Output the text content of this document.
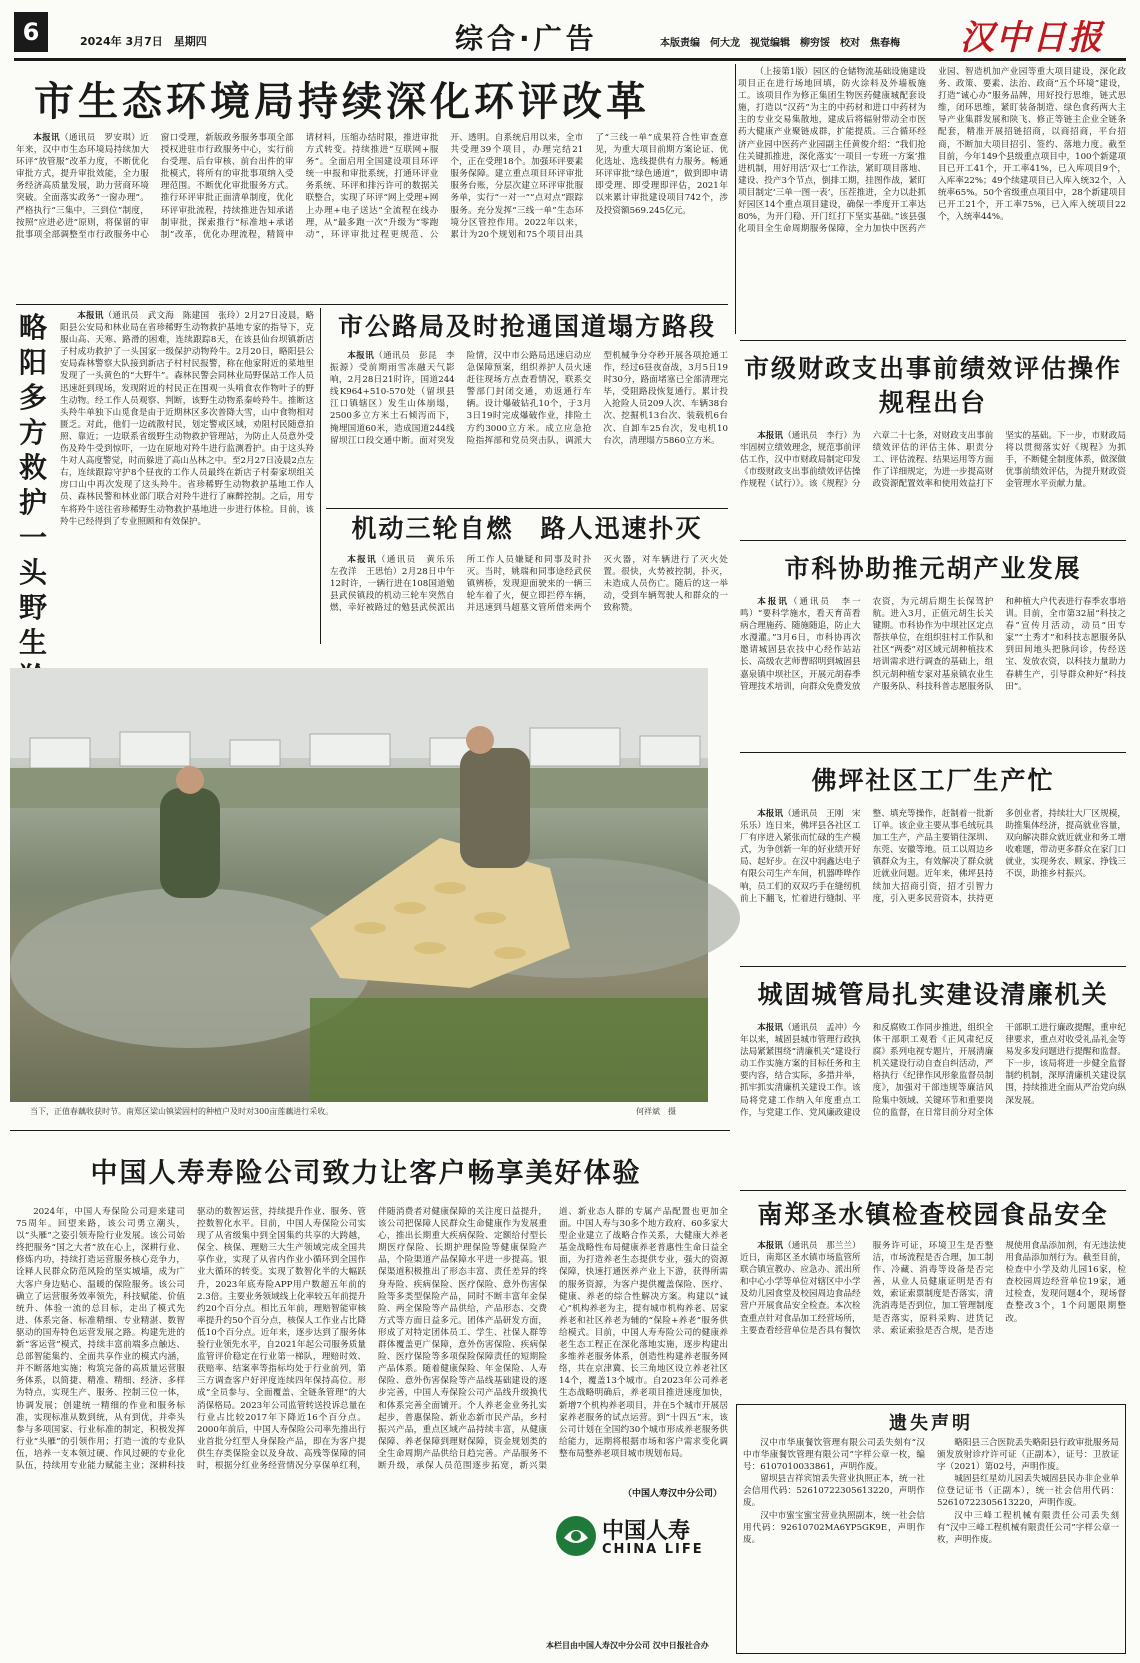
6	2024年 3月7日　星期四	综合·广告	本版责编　何大龙　视觉编辑　柳穷馁　校对　焦春梅	汉中日报
市生态环境局持续深化环评改革

本报讯（通讯员　罗安琪）近年来，汉中市生态环境局持续加大环评“放管服”改革力度，不断优化审批方式，提升审批效能，全力服务经济高质量发展，助力营商环境突破。全面落实政务“一窗办理”。严格执行“三集中，三到位”制度，按照“应进必进”原则，将保留的审批事项全部调整至市行政服务中心窗口受理，新版政务服务事项全部授权进驻市行政服务中心，实行前台受理、后台审核、前台出件的审批模式，将所有的审批事项纳入受理范围。不断优化审批服务方式。推行环评审批正面清单制度，优化环评审批流程，持续推进告知承诺制审批，探索推行“标准地+承诺制”改革，优化办理流程，精简申请材料，压缩办结时限，推进审批方式转变。持续推进“互联网+服务”。全面启用全国建设项目环评统一申报和审批系统，打通环评业务系统、环评和排污许可的数据关联整合，实现了环评“网上受理+网上办理+电子送达”全流程在线办理，从“最多跑一次”升级为“零跑动”，环评审批过程更规范、公开、透明。自系统启用以来，全市共受理39个项目，办理完结21个，正在受理18个。加强环评要素服务保障。建立重点项目环评审批服务台账，分层次建立环评审批服务单，实行“一对一”“点对点”跟踪服务。充分发挥“三线一单”生态环境分区管控作用。2022年以来，累计为20个规划和75个项目出具了“三线一单”成果符合性审查意见，为重大项目前期方案论证、优化选址、选线提供有力服务。畅通环评审批“绿色通道”，做到即申请即受理、即受理即评估，2021年以来累计审批建设项目742个，涉及投资额569.245亿元。

（上接第1版）园区的仓储物流基础设施建设项目正在进行场地回填，防火涂料及外墙板施工。该项目作为修正集团生物医药健康城配套设施，打造以“汉药”为主的中药材和进口中药材为主的专业交易集散地，建成后将辐射带动全市医药大健康产业聚链成群，扩能提质。三合循环经济产业园中医药产业园副主任黄俊介绍：“我们抢住关键抓推进，深化落实‘一项目一专班一方案’推进机制，用好用活‘双七’工作法，紧盯项目落地、建设、投产3个节点，倒排工期，挂图作战，紧盯项目制定‘三单一图一表’，压茬推进，全力以赴抓好园区14个重点项目建设，确保一季度开工率达80%，为开门稳、开门红打下坚实基础。”该县强化项目全生命周期服务保障，全力加快中医药产业园、智造机加产业园等重大项目建设，深化政务、政策、要素、法治、政商“五个环境”建设，打造“诚心办”服务品牌，用好投行思维，链式思维，闭环思维，紧盯装备制造、绿色食药两大主导产业集群发展和陕飞、修正等链主企业全链条配套，精准开展招链招商，以商招商，平台招商，不断加大项目招引、签约、落地力度。截至目前，今年149个县级重点项目中，100个新建项目已开工41个，开工率41%，已入库项目9个，入库率22%；49个续建项目已入库入统32个，入统率65%。50个省级重点项目中，28个新建项目已开工21个，开工率75%，已入库入统项目22个，入统率44%。

略阳多方救护一头野生

本报讯（通讯员　武文海　陈建国　张玲）2月27日凌晨，略阳县公安局和林业局在省珍稀野生动物救护基地专家的指导下，克服山高、天寒、路滑的困难，连续跟踪8天，在该县仙台坝镇新店子村成功救护了一头国家一级保护动物羚牛。2月20日，略阳县公安局森林警察大队接到新店子村村民报警，称在他家附近的菜地里发现了一头黄色的“大野牛”。森林民警会同林业局野保站工作人员迅速赶到现场，发现附近的村民正在围观一头啃食农作物叶子的野生动物。经工作人员观察、判断，该野生动物系秦岭羚牛。推断这头羚牛单独下山觅食是由于近期林区多次普降大雪，山中食物相对匮乏。对此，他们一边疏散村民，划定警戒区域，劝阻村民随意拍照、靠近；一边联系省级野生动物救护管理站，为防止人员意外受伤及羚牛受到惊吓，一边在原地对羚牛进行监测看护。由于这头羚牛对人高度警觉，时而躲进了高山丛林之中。至2月27日凌晨2点左右，连续跟踪守护8个昼夜的工作人员最终在新店子村秦家坝组关房口山中再次发现了这头羚牛。省珍稀野生动物救护基地工作人员、森林民警和林业部门联合对羚牛进行了麻醉控制。之后，用专车将羚牛送往省珍稀野生动物救护基地进一步进行体检。目前，该羚牛已经得到了专业照顾和有效保护。

市公路局及时抢通国道塌方路段

本报讯（通讯员　彭昆　李振源）受前期雨雪冻融天气影响，2月28日21时许，国道244线K964+510-570处（留坝县江口镇辖区）发生山体崩塌，2500多立方米土石倾泻而下，掩埋国道60米，造成国道244线留坝江口段交通中断。面对突发险情，汉中市公路局迅速启动应急保障预案，组织养护人员火速赶往现场方点查看情况，联系交警部门封闭交通，劝返通行车辆。设计爆破钻孔10个，于3月3日19时完成爆破作业，排险土方约3000立方米。成立应急抢险指挥部和党员突击队，调派大型机械争分夺秒开展各项抢通工作，经过6昼夜奋战，3月5日19时30分，路面堵塞已全部清理完毕，受阻路段恢复通行。累计投入抢险人员209人次、车辆38台次、挖掘机13台次、装载机6台次、自卸车25台次，发电机10台次，清理塌方5860立方米。

机动三轮自燃　路人迅速扑灭

本报讯（通讯员　黄乐乐　左孜洋　王思怡）2月28日中午12时许，一辆行进在108国道勉县武侯镇段的机动三轮车突然自燃，幸好被路过的勉县武侯派出所工作人员嫌疑和同事及时扑灭。当时，姚瑞和同事途经武侯镇辨桥，发现迎面驶来的一辆三轮车着了火，便立即拦停车辆，并迅速到马超墓文管所借来两个灭火器，对车辆进行了灭火处置。很快，火势被控制，扑灭，未造成人员伤亡。随后的这一举动，受到车辆驾驶人和群众的一致称赞。

市级财政支出事前绩效评估操作规程出台

本报讯（通讯员　李行）为牢固树立绩效理念，规范事前评估工作，汉中市财政局制定印发《市级财政支出事前绩效评估操作规程（试行）》。该《规程》分六章二十七条，对财政支出事前绩效评估的评估主体、职责分工、评估流程、结果运用等方面作了详细规定，为进一步提高财政资源配置效率和使用效益打下坚实的基础。下一步，市财政局将以贯彻落实好《规程》为抓手，不断健全制度体系，做深做优事前绩效评估，为提升财政资金管理水平贡献力量。

市科协助推元胡产业发展

本报讯（通讯员　李一鸣）“要科学施水，看天育苗看病合理施药、随施随追，防止大水漫灌。”3月6日，市科协再次邀请城固县农技中心经作站站长、高级农艺师曹昭明到城固县嘉泉镇中坝社区，开展元胡春季管理技术培训，向群众免费发放农资，为元胡后期生长保驾护航。进入3月，正值元胡生长关键期。市科协作为中坝社区定点帮扶单位，在组织驻村工作队和社区“两委”对区域元胡种植技术培训需求进行调查的基础上，组织元胡种植专家对基泉镇农业生产服务队、科技科普志愿服务队和种植大户代表进行春季农事培训。目前，全市第32届“科技之春”宣传月活动，动员“田专家”“土秀才”和科技志愿服务队到田间地头把脉问诊，传经送宝、发放农资，以科技力量助力春耕生产，引导群众种好“科技田”。

当下，正值春藕收获时节。南郑区梁山镇梁固村的种植户及时对300亩莲藕进行采收。	何祥斌　摄
佛坪社区工厂生产忙

本报讯（通讯员　王刚　宋乐乐）连日来，佛坪县各社区工厂有序进入紧张而忙碌的生产模式，为争创新一年的好业绩开好局、起好步。在汉中润鑫达电子有限公司生产车间，机器哗哗作响，员工们的双双巧手在缝纫机前上下翻飞，忙着进行缝制、平整、填充等操作，赶制着一批新订单。该企业主要从事毛绒玩具加工生产，产品主要销往深圳、东莞、安徽等地。员工以周边乡镇群众为主，有效解决了群众就近就业问题。近年来，佛坪县持续加大招商引资，招才引智力度，引入更多民营资本，扶持更多创业者，持续壮大厂区规模，助推集体经济，提高就业容量，双向解决群众就近就业和务工增收难题，带动更多群众在家门口就业，实现务农、顾家、挣钱三不误，助推乡村振兴。

城固城管局扎实建设清廉机关

本报讯（通讯员　孟冲）今年以来，城固县城市管理行政执法局紧紧围绕“清廉机关”建设行动工作实施方案的目标任务和主要内容，结合实际，多措并举，抓牢抓实清廉机关建设工作。该局将党建工作纳入年度重点工作，与党建工作、党风廉政建设和反腐败工作同步推进，组织全体干部职工观看《正风肃纪反腐》系列电视专题片，开展清廉机关建设行动自查自纠活动，严格执行《纪律作风形象监督员制度》，加强对干部违规等廉洁风险集中领域、关键环节和重要岗位的监督，在日常目前分对全体干部职工进行廉政提醒，重申纪律要求，重点对收受礼品礼金等易发多发问题进行提醒和监督。下一步，该局将进一步健全监督制约机制，深厚清廉机关建设氛围，持续推进全面从严治党向纵深发展。

南郑圣水镇检查校园食品安全

本报讯（通讯员　那兰兰）近日，南郑区圣水镇市场监管所联合镇宣教办、应急办、派出所和中心小学等单位对辖区中小学及幼儿园食堂及校园周边食品经营户开展食品安全检查。本次检查重点针对食品加工经营场所，主要查看经营单位是否具有餐饮服务许可证，环境卫生是否整洁，市场流程是否合理，加工制作、冷藏、消毒等设备是否完善，从业人员健康证明是否有效，索证索票制度是否落实，清洗消毒是否到位，加工管理制度是否落实，原料采购、进货记录、索证索验是否合规，是否违规使用食品添加剂，有无违法使用食品添加剂行为。截至目前，检查中小学及幼儿园16家，检查校园周边经营单位19家，通过检查，发现问题4个，现场督查整改3个，1个问题限期整改。

遗失声明

汉中市华康餐饮管理有限公司丢失刻有“汉中市华康餐饮管理有限公司”字样公章一枚，编号：6107010033861，声明作废。

留坝县吉祥宾馆丢失营业执照正本，统一社会信用代码：52610722305613220，声明作废。

汉中市蜜宝蜜宝营业执照副本，统一社会信用代码：92610702MA6YP5GK9E，声明作废。

略阳县三合医院丢失略阳县行政审批服务局颁发放射诊疗许可证（正副本），证号：卫放证字（2021）第02号，声明作废。

城固县红星幼儿园丢失城固县民办非企业单位登记证书（正副本），统一社会信用代码：52610722305613220，声明作废。

汉中三峰工程机械有限责任公司丢失刻有“汉中三峰工程机械有限责任公司”字样公章一枚，声明作废。

中国人寿寿险公司致力让客户畅享美好体验

2024年，中国人寿保险公司迎来建司75周年。回望来路，该公司勇立潮头，以“头雁”之姿引领寿险行业发展。该公司始终把服务“国之大者”放在心上，深耕行业、修炼内功，持续打造运营服务核心竞争力，诠释人民群众防范风险的坚实城墙，成为广大客户身边贴心、温暖的保险服务。该公司确立了运营服务效率领先，科技赋能、价值统升、体验一流的总目标，走出了模式先进、体系完备、标准精细、专业精湛、数智驱动的国寿特色运营发展之路。构建先进的新“客运营”模式，持续丰富前端多点触达、总部智能集约、全面共享作业的模式内涵，并不断落地实施；构筑完备的高质量运营服务体系，以简捷、精准、精细、经济、多样为特点，实现生产、服务、控制三位一体，协调发展；创建统一精细的作业和服务标准，实现标准从数到统，从有到优，并牵头参与多项国家、行业标准的制定，积极发挥行业“头雁”的引领作用；打造一流的专业队伍，培养一支本领过硬、作风过硬的专业化队伍，持续用专业能力赋能主业；深耕科技驱动的数智运营，持续提升作业、服务、管控数智化水平。目前，中国人寿保险公司实现了从省级集中到全国集约共享的大跨越，保全、核保、理赔三大生产领域完成全国共享作业，实现了从省内作业小循环到全国作业大循环的转变。实现了数智化半的大幅跃升，2023年底寿险APP用户数超五年前的2.3倍。主要业务领域线上化率较五年前提升约20个百分点。相比五年前，理赔智能审核率提升约50个百分点，核保人工作业占比降低10个百分点。近年来，逐步达到了服务体验行业领先水平，自2021年起公司服务质量监管评价稳定在行业第一梯队，理赔时效、获赔率、结案率等指标均处于行业前列，第三方调查客户好评度连续四年保持高位。形成“全员参与、全面覆盖、全链条管理”的大消保格局。2023年公司监管转送投诉总量在行业占比较2017年下降近16个百分点。2000年前后，中国人寿保险公司率先推出行业首批分红型人身保险产品，即在为客户提供生存类保险金以及身故、高残等保障的同时，根据分红业务经营情况分享保单红利，伴随消费者对健康保障的关注度日益提升，该公司把保障人民群众生命健康作为发展重心，推出长期重大疾病保险、定额给付型长期医疗保险、长期护理保险等健康保险产品，个险渠道产品保障水平进一步提高。银保渠道积极推出了形态丰富、责任差异的终身寿险、疾病保险、医疗保险、意外伤害保险等多类型保险产品，同时不断丰富年金保险、两全保险等产品供给，产品形态、交费方式等方面日益多元。团体产品研发方面，形成了对特定团体员工、学生、社保人群等群体覆盖更广保障，意外伤害保险、疾病保险、医疗保险等多项保险保障责任的短期险产品体系。随着健康保险、年金保险、人寿保险、意外伤害保险等产品线基础建设的逐步完善，中国人寿保险公司产品线升级换代和体系完善全面铺开。个人养老金业务扎实起步，普惠保险、新业态新市民产品，乡村振兴产品，重点区域产品持续丰富，从健康保障、养老保障到理财保障，资金规划类的全生命周期产品供给日趋完善。产品服务不断升级，承保人员范围逐步拓宽，新兴渠道、新业态人群的专属产品配置也更加全面。中国人寿与30多个地方政府、60多家大型企业建立了战略合作关系，大健康大养老基金战略性布局健康养老普惠性生命日益全面，为打造养老生态提供专业，强大的资源保障，快速打通医养产业上下游，获得所需的服务资源，为客户提供覆盖保险、医疗、健康、养老的综合性解决方案。构建以“诚心”机构养老为主，提有城市机构养老、居家养老和社区养老为辅的“保险+养老”服务供给模式。目前，中国人寿寿险公司的健康养老生态工程正在深化落地实施，逐步构建出多维养老服务体系，创造性构建养老服务网络，共在京津冀、长三角地区设立养老社区14个，覆盖13个城市。自2023年公司养老生态战略明确后，养老项目推进速度加快，新增7个机构养老项目，并在5个城市开展居家养老服务的试点运营。到“十四五”末，该公司计划在全国约30个城市形成养老服务供给能力，远期将根据市场和客户需求变化调整布局整养老项目城市规划布局。

（中国人寿汉中分公司）
中国人寿
CHINA LIFE
本栏目由中国人寿汉中分公司 汉中日报社合办
